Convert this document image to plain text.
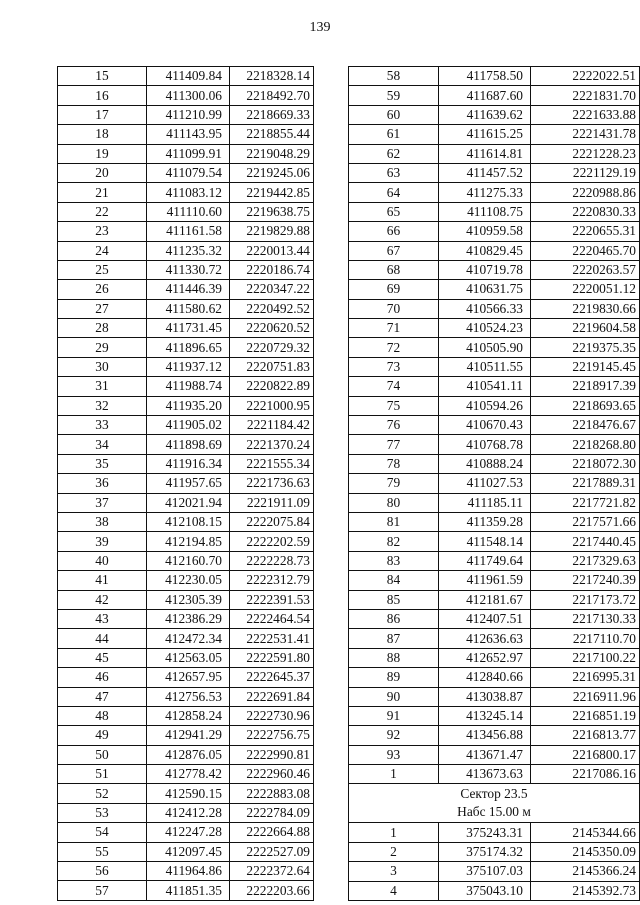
139
15	411409.84	2218328.14
16	411300.06	2218492.70
17	411210.99	2218669.33
18	411143.95	2218855.44
19	411099.91	2219048.29
20	411079.54	2219245.06
21	411083.12	2219442.85
22	411110.60	2219638.75
23	411161.58	2219829.88
24	411235.32	2220013.44
25	411330.72	2220186.74
26	411446.39	2220347.22
27	411580.62	2220492.52
28	411731.45	2220620.52
29	411896.65	2220729.32
30	411937.12	2220751.83
31	411988.74	2220822.89
32	411935.20	2221000.95
33	411905.02	2221184.42
34	411898.69	2221370.24
35	411916.34	2221555.34
36	411957.65	2221736.63
37	412021.94	2221911.09
38	412108.15	2222075.84
39	412194.85	2222202.59
40	412160.70	2222228.73
41	412230.05	2222312.79
42	412305.39	2222391.53
43	412386.29	2222464.54
44	412472.34	2222531.41
45	412563.05	2222591.80
46	412657.95	2222645.37
47	412756.53	2222691.84
48	412858.24	2222730.96
49	412941.29	2222756.75
50	412876.05	2222990.81
51	412778.42	2222960.46
52	412590.15	2222883.08
53	412412.28	2222784.09
54	412247.28	2222664.88
55	412097.45	2222527.09
56	411964.86	2222372.64
57	411851.35	2222203.66
58	411758.50	2222022.51
59	411687.60	2221831.70
60	411639.62	2221633.88
61	411615.25	2221431.78
62	411614.81	2221228.23
63	411457.52	2221129.19
64	411275.33	2220988.86
65	411108.75	2220830.33
66	410959.58	2220655.31
67	410829.45	2220465.70
68	410719.78	2220263.57
69	410631.75	2220051.12
70	410566.33	2219830.66
71	410524.23	2219604.58
72	410505.90	2219375.35
73	410511.55	2219145.45
74	410541.11	2218917.39
75	410594.26	2218693.65
76	410670.43	2218476.67
77	410768.78	2218268.80
78	410888.24	2218072.30
79	411027.53	2217889.31
80	411185.11	2217721.82
81	411359.28	2217571.66
82	411548.14	2217440.45
83	411749.64	2217329.63
84	411961.59	2217240.39
85	412181.67	2217173.72
86	412407.51	2217130.33
87	412636.63	2217110.70
88	412652.97	2217100.22
89	412840.66	2216995.31
90	413038.87	2216911.96
91	413245.14	2216851.19
92	413456.88	2216813.77
93	413671.47	2216800.17
1	413673.63	2217086.16

Сектор 23.5
Набс 15.00 м		

1	375243.31	2145344.66
2	375174.32	2145350.09
3	375107.03	2145366.24
4	375043.10	2145392.73
